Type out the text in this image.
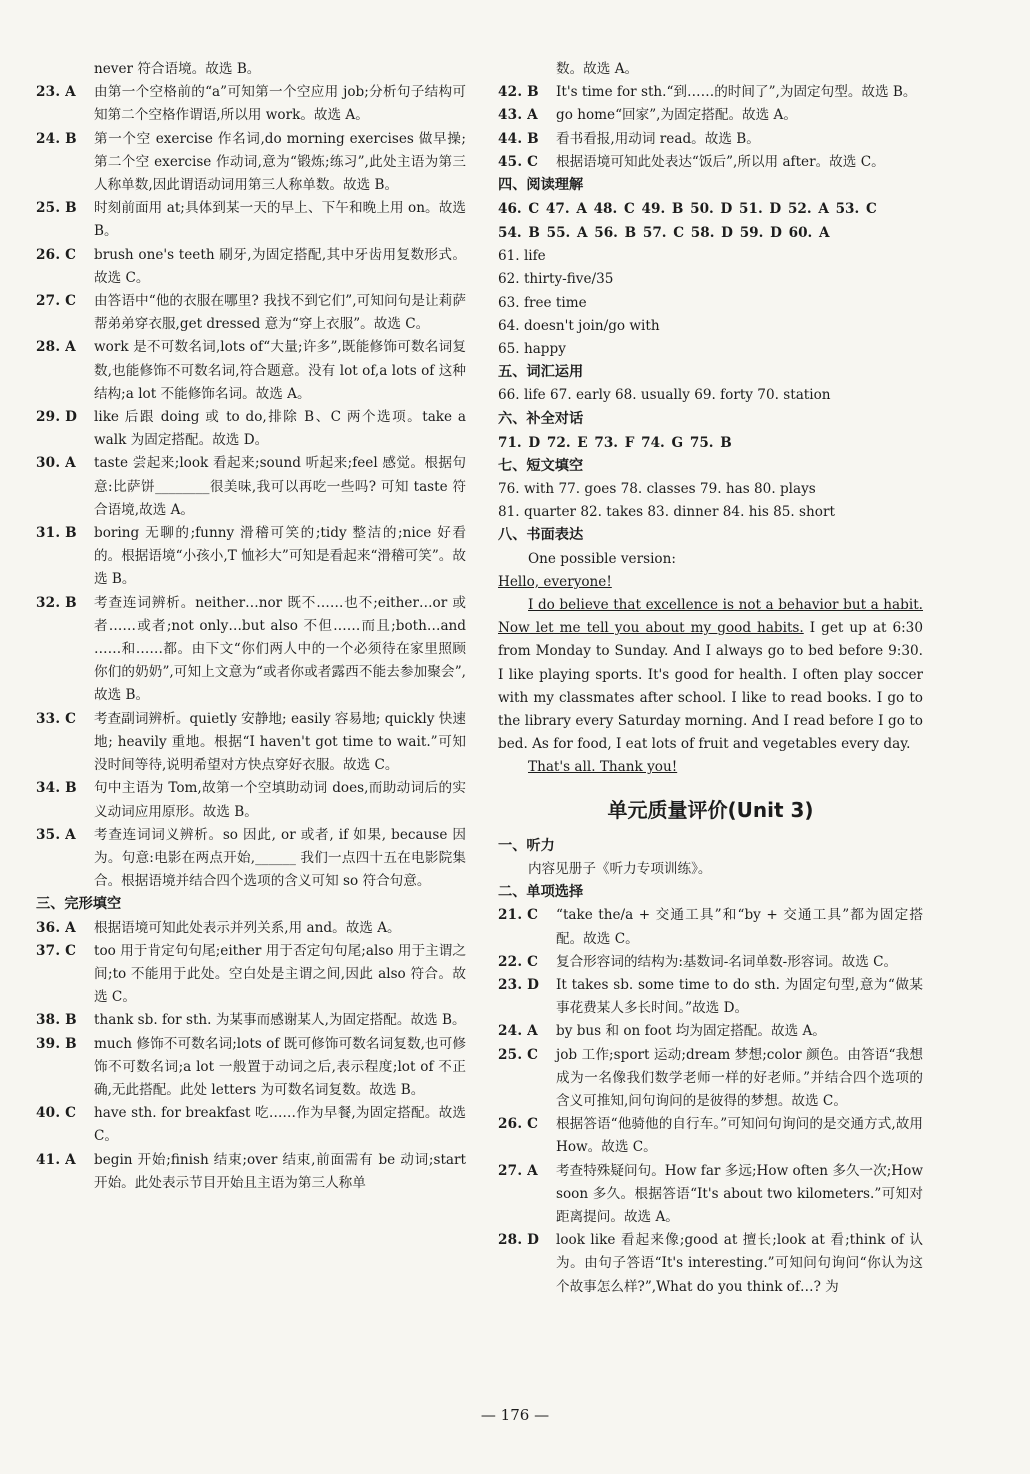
never 符合语境。故选 B。
23. A	由第一个空格前的“a”可知第一个空应用 job;分析句子结构可知第二个空格作谓语,所以用 work。故选 A。
24. B	第一个空 exercise 作名词,do morning exercises 做早操;第二个空 exercise 作动词,意为“锻炼;练习”,此处主语为第三人称单数,因此谓语动词用第三人称单数。故选 B。
25. B	时刻前面用 at;具体到某一天的早上、下午和晚上用 on。故选 B。
26. C	brush one's teeth 刷牙,为固定搭配,其中牙齿用复数形式。故选 C。
27. C	由答语中“他的衣服在哪里? 我找不到它们”,可知问句是让莉萨帮弟弟穿衣服,get dressed 意为“穿上衣服”。故选 C。
28. A	work 是不可数名词,lots of“大量;许多”,既能修饰可数名词复数,也能修饰不可数名词,符合题意。没有 lot of,a lots of 这种结构;a lot 不能修饰名词。故选 A。
29. D	like 后跟 doing 或 to do,排除 B、C 两个选项。take a walk 为固定搭配。故选 D。
30. A	taste 尝起来;look 看起来;sound 听起来;feel 感觉。根据句意:比萨饼________很美味,我可以再吃一些吗? 可知 taste 符合语境,故选 A。
31. B	boring 无聊的;funny 滑稽可笑的;tidy 整洁的;nice 好看的。根据语境“小孩小,T 恤衫大”可知是看起来“滑稽可笑”。故选 B。
32. B	考查连词辨析。neither…nor 既不……也不;either…or 或者……或者;not only…but also 不但……而且;both…and ……和……都。由下文“你们两人中的一个必须待在家里照顾你们的奶奶”,可知上文意为“或者你或者露西不能去参加聚会”,故选 B。
33. C	考查副词辨析。quietly 安静地; easily 容易地; quickly 快速地; heavily 重地。根据“I haven't got time to wait.”可知没时间等待,说明希望对方快点穿好衣服。故选 C。
34. B	句中主语为 Tom,故第一个空填助动词 does,而助动词后的实义动词应用原形。故选 B。
35. A	考查连词词义辨析。so 因此, or 或者, if 如果, because 因为。句意:电影在两点开始,______ 我们一点四十五在电影院集合。根据语境并结合四个选项的含义可知 so 符合句意。
三、完形填空
36. A	根据语境可知此处表示并列关系,用 and。故选 A。
37. C	too 用于肯定句句尾;either 用于否定句句尾;also 用于主谓之间;to 不能用于此处。空白处是主谓之间,因此 also 符合。故选 C。
38. B	thank sb. for sth. 为某事而感谢某人,为固定搭配。故选 B。
39. B	much 修饰不可数名词;lots of 既可修饰可数名词复数,也可修饰不可数名词;a lot 一般置于动词之后,表示程度;lot of 不正确,无此搭配。此处 letters 为可数名词复数。故选 B。
40. C	have sth. for breakfast 吃……作为早餐,为固定搭配。故选 C。
41. A	begin 开始;finish 结束;over 结束,前面需有 be 动词;start 开始。此处表示节目开始且主语为第三人称单
数。故选 A。
42. B	It's time for sth.“到……的时间了”,为固定句型。故选 B。
43. A	go home“回家”,为固定搭配。故选 A。
44. B	看书看报,用动词 read。故选 B。
45. C	根据语境可知此处表达“饭后”,所以用 after。故选 C。
四、阅读理解
46. C 47. A 48. C 49. B 50. D 51. D 52. A 53. C
54. B 55. A 56. B 57. C 58. D 59. D 60. A
61. life
62. thirty-five/35
63. free time
64. doesn't join/go with
65. happy
五、词汇运用
66. life 67. early 68. usually 69. forty 70. station
六、补全对话
71. D 72. E 73. F 74. G 75. B
七、短文填空
76. with 77. goes 78. classes 79. has 80. plays
81. quarter 82. takes 83. dinner 84. his 85. short
八、书面表达
One possible version:
Hello, everyone!
I do believe that excellence is not a behavior but a habit. Now let me tell you about my good habits. I get up at 6:30 from Monday to Sunday. And I always go to bed before 9:30. I like playing sports. It's good for health. I often play soccer with my classmates after school. I like to read books. I go to the library every Saturday morning. And I read before I go to bed. As for food, I eat lots of fruit and vegetables every day.
That's all. Thank you!
单元质量评价(Unit 3)
一、听力
内容见册子《听力专项训练》。
二、单项选择
21. C	“take the/a + 交通工具”和“by + 交通工具”都为固定搭配。故选 C。
22. C	复合形容词的结构为:基数词-名词单数-形容词。故选 C。
23. D	It takes sb. some time to do sth. 为固定句型,意为“做某事花费某人多长时间。”故选 D。
24. A	by bus 和 on foot 均为固定搭配。故选 A。
25. C	job 工作;sport 运动;dream 梦想;color 颜色。由答语“我想成为一名像我们数学老师一样的好老师。”并结合四个选项的含义可推知,问句询问的是彼得的梦想。故选 C。
26. C	根据答语“他骑他的自行车。”可知问句询问的是交通方式,故用 How。故选 C。
27. A	考查特殊疑问句。How far 多远;How often 多久一次;How soon 多久。根据答语“It's about two kilometers.”可知对距离提问。故选 A。
28. D	look like 看起来像;good at 擅长;look at 看;think of 认为。由句子答语“It's interesting.”可知问句询问“你认为这个故事怎么样?”,What do you think of…? 为
— 176 —
